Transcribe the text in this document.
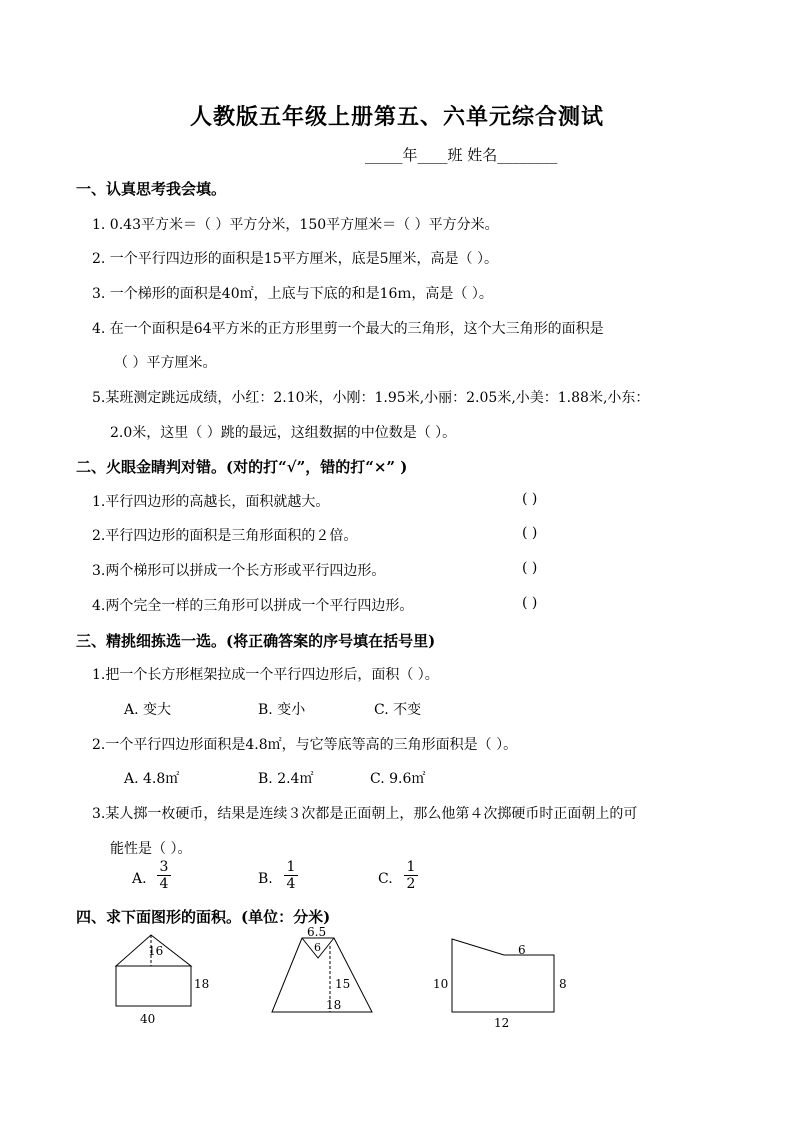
人教版五年级上册第五、六单元综合测试
_____年____班 姓名________
一、认真思考我会填。
1. 0.43平方米＝（ ）平方分米，150平方厘米＝（ ）平方分米。
2. 一个平行四边形的面积是15平方厘米，底是5厘米，高是（ ）。
3. 一个梯形的面积是40㎡，上底与下底的和是16ｍ，高是（ ）。
4. 在一个面积是64平方米的正方形里剪一个最大的三角形，这个大三角形的面积是
（ ）平方厘米。
5.某班测定跳远成绩，小红：2.10米，小刚：1.95米,小丽：2.05米,小美：1.88米,小东：
2.0米，这里（ ）跳的最远，这组数据的中位数是（ ）。
二、火眼金睛判对错。(对的打“√”，错的打“×” )
1.平行四边形的高越长，面积就越大。	( )
2.平行四边形的面积是三角形面积的２倍。	( )
3.两个梯形可以拼成一个长方形或平行四边形。	( )
4.两个完全一样的三角形可以拼成一个平行四边形。	( )
三、精挑细拣选一选。(将正确答案的序号填在括号里)
1.把一个长方形框架拉成一个平行四边形后，面积（ ）。
A. 变大	B. 变小	C. 不变
2.一个平行四边形面积是4.8㎡，与它等底等高的三角形面积是（ ）。
A. 4.8㎡	B. 2.4㎡	C. 9.6㎡
3.某人掷一枚硬币，结果是连续３次都是正面朝上，那么他第４次掷硬币时正面朝上的可
能性是（ ）。
A. $\frac{3}{4}$	B. $\frac{1}{4}$	C. $\frac{1}{2}$
四、求下面图形的面积。(单位：分米)
16
18
40
6.5
6
15
18
6
10	8
12
